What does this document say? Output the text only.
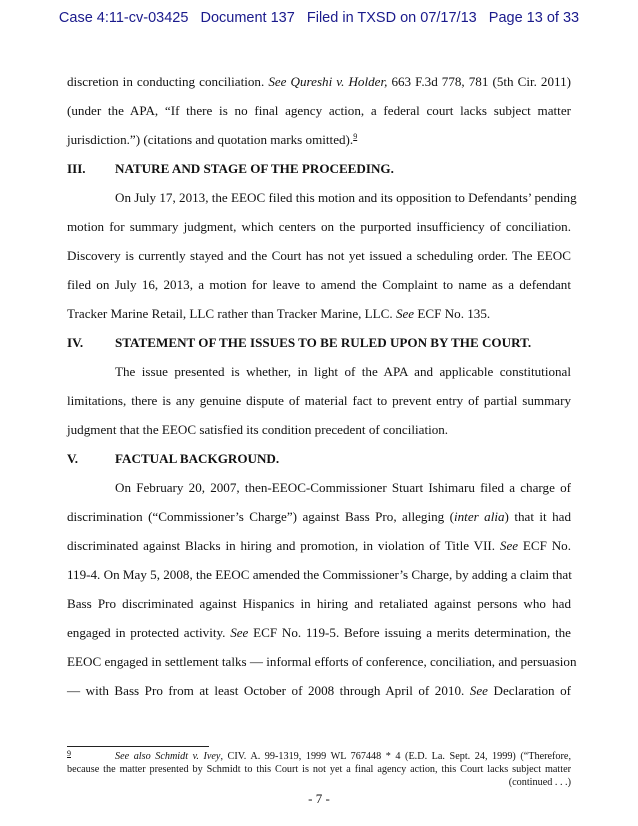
Case 4:11-cv-03425   Document 137   Filed in TXSD on 07/17/13   Page 13 of 33
discretion in conducting conciliation. See Qureshi v. Holder, 663 F.3d 778, 781 (5th Cir. 2011)
(under the APA, “If there is no final agency action, a federal court lacks subject matter
jurisdiction.”) (citations and quotation marks omitted).$^9$
III. NATURE AND STAGE OF THE PROCEEDING.
On July 17, 2013, the EEOC filed this motion and its opposition to Defendants’ pending
motion for summary judgment, which centers on the purported insufficiency of conciliation.
Discovery is currently stayed and the Court has not yet issued a scheduling order. The EEOC
filed on July 16, 2013, a motion for leave to amend the Complaint to name as a defendant
Tracker Marine Retail, LLC rather than Tracker Marine, LLC. See ECF No. 135.
IV. STATEMENT OF THE ISSUES TO BE RULED UPON BY THE COURT.
The issue presented is whether, in light of the APA and applicable constitutional
limitations, there is any genuine dispute of material fact to prevent entry of partial summary
judgment that the EEOC satisfied its condition precedent of conciliation.
V.	FACTUAL BACKGROUND.
On February 20, 2007, then-EEOC-Commissioner Stuart Ishimaru filed a charge of
discrimination (“Commissioner’s Charge”) against Bass Pro, alleging (inter alia) that it had
discriminated against Blacks in hiring and promotion, in violation of Title VII. See ECF No.
119-4. On May 5, 2008, the EEOC amended the Commissioner’s Charge, by adding a claim that
Bass Pro discriminated against Hispanics in hiring and retaliated against persons who had
engaged in protected activity. See ECF No. 119-5. Before issuing a merits determination, the
EEOC engaged in settlement talks — informal efforts of conference, conciliation, and persuasion
— with Bass Pro from at least October of 2008 through April of 2010. See Declaration of
$^9$	See also Schmidt v. Ivey, CIV. A. 99-1319, 1999 WL 767448 * 4 (E.D. La. Sept. 24, 1999) (“Therefore,
because the matter presented by Schmidt to this Court is not yet a final agency action, this Court lacks subject matter
(continued . . .)
- 7 -
